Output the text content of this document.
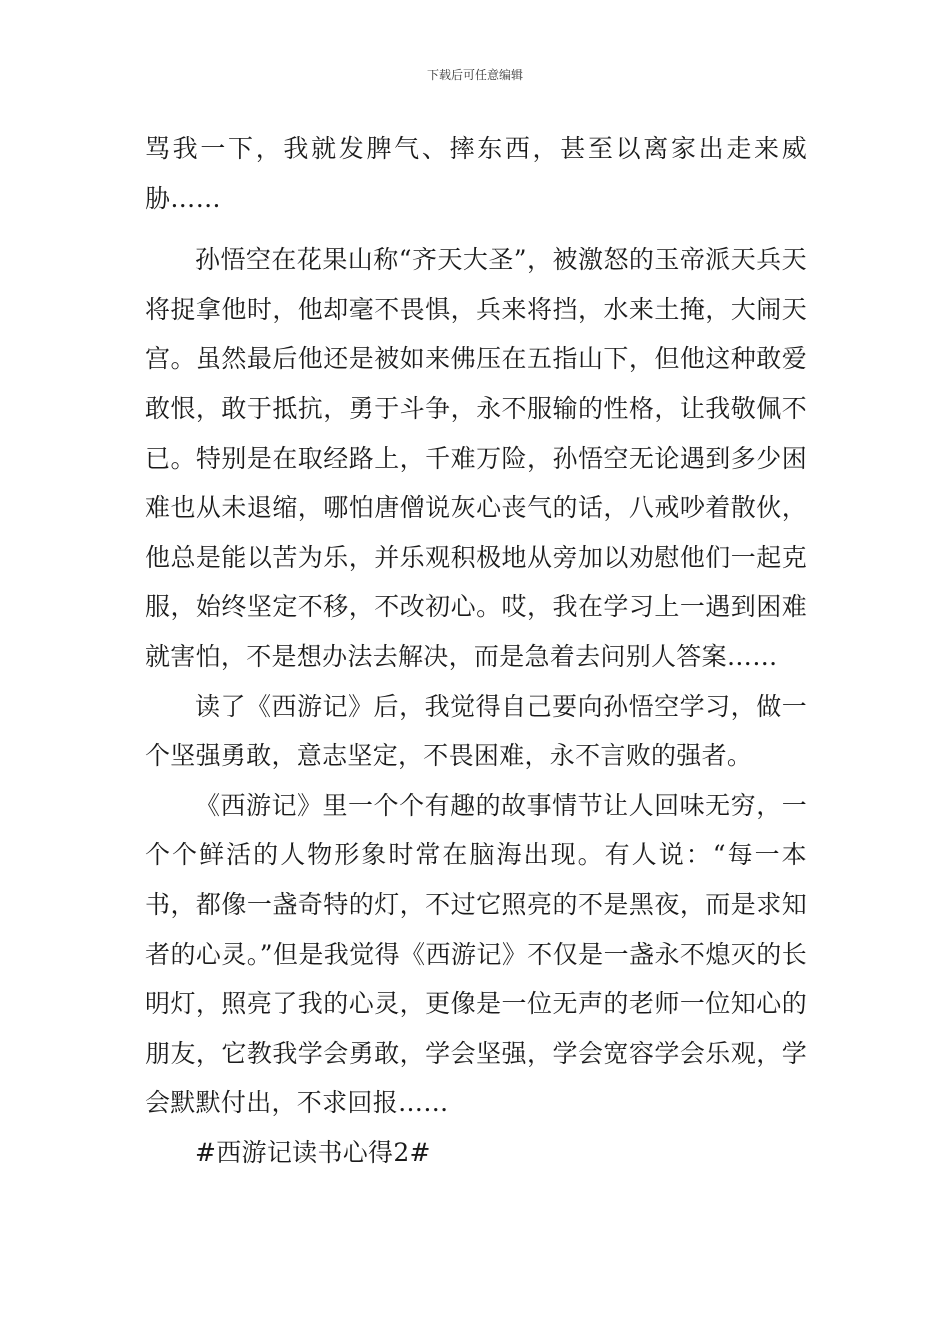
下载后可任意编辑

骂我一下，我就发脾气、摔东西，甚至以离家出走来威胁……

孙悟空在花果山称“齐天大圣”，被激怒的玉帝派天兵天将捉拿他时，他却毫不畏惧，兵来将挡，水来土掩，大闹天宫。虽然最后他还是被如来佛压在五指山下，但他这种敢爱敢恨，敢于抵抗，勇于斗争，永不服输的性格，让我敬佩不已。特别是在取经路上，千难万险，孙悟空无论遇到多少困难也从未退缩，哪怕唐僧说灰心丧气的话，八戒吵着散伙，他总是能以苦为乐，并乐观积极地从旁加以劝慰他们一起克服，始终坚定不移，不改初心。哎，我在学习上一遇到困难就害怕，不是想办法去解决，而是急着去问别人答案……

读了《西游记》后，我觉得自己要向孙悟空学习，做一个坚强勇敢，意志坚定，不畏困难，永不言败的强者。

《西游记》里一个个有趣的故事情节让人回味无穷，一个个鲜活的人物形象时常在脑海出现。有人说：“每一本书，都像一盏奇特的灯，不过它照亮的不是黑夜，而是求知者的心灵。”但是我觉得《西游记》不仅是一盏永不熄灭的长明灯，照亮了我的心灵，更像是一位无声的老师一位知心的朋友，它教我学会勇敢，学会坚强，学会宽容学会乐观，学会默默付出，不求回报……

#西游记读书心得2#
